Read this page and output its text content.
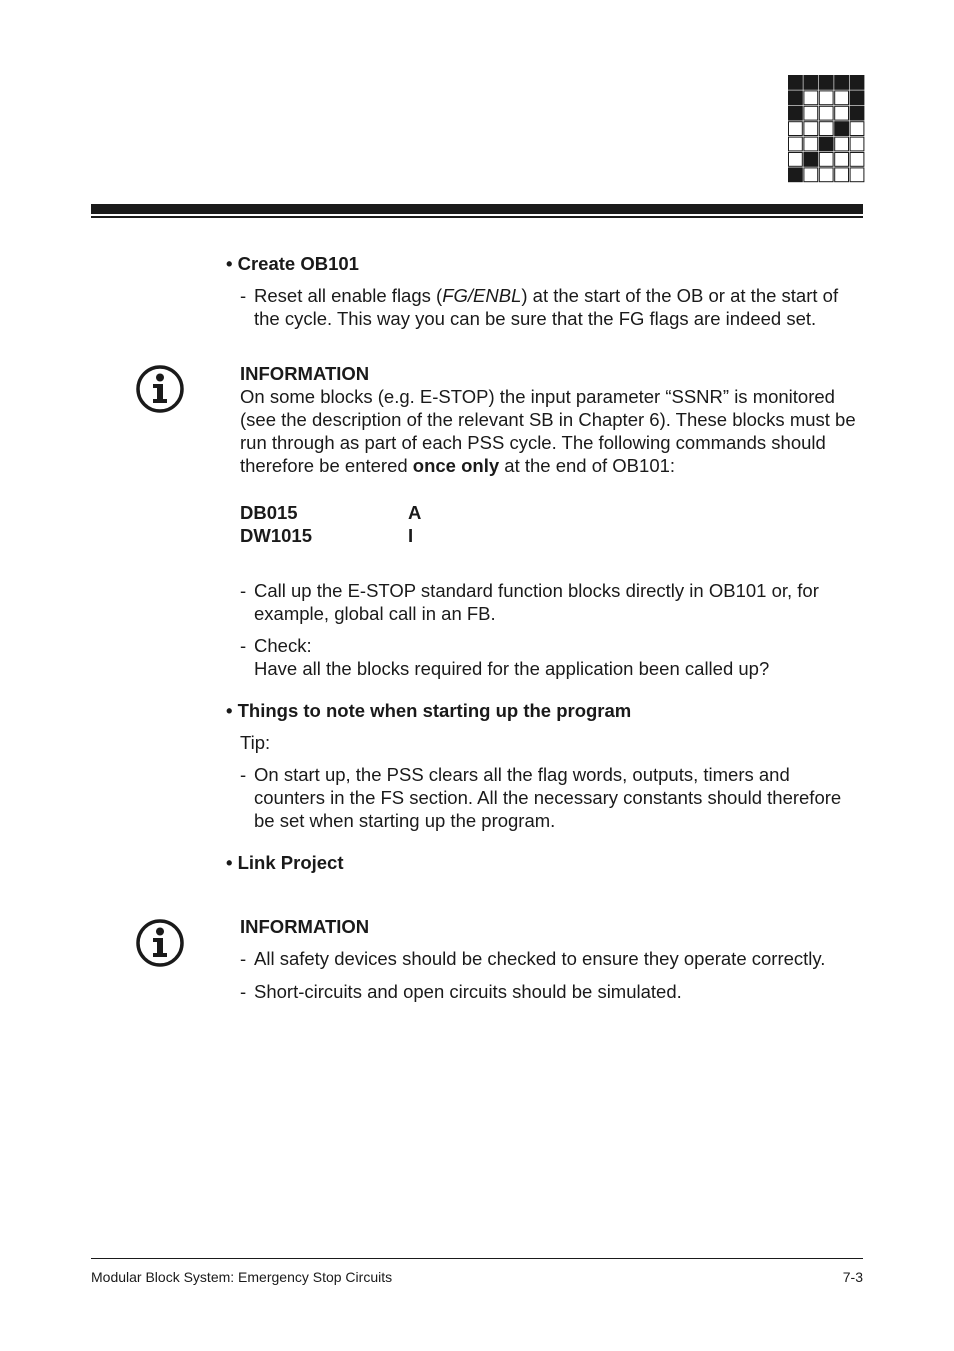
• Create OB101
- Reset all enable flags (FG/ENBL) at the start of the OB or at the start of the cycle. This way you can be sure that the FG flags are indeed set.

INFORMATION

On some blocks (e.g. E-STOP) the input parameter “SSNR” is monitored (see the description of the relevant SB in Chapter 6). These blocks must be run through as part of each PSS cycle. The following commands should therefore be entered once only at the end of OB101:

DB015	A
DW1015	I
- Call up the E-STOP standard function blocks directly in OB101 or, for example, global call in an FB.

- Check:

Have all the blocks required for the application been called up?

• Things to note when starting up the program
Tip:
- On start up, the PSS clears all the flag words, outputs, timers and counters in the FS section. All the necessary constants should therefore be set when starting up the program.

• Link Project
INFORMATION
- All safety devices should be checked to ensure they operate correctly.

- Short-circuits and open circuits should be simulated.

Modular Block System: Emergency Stop Circuits	7-3
